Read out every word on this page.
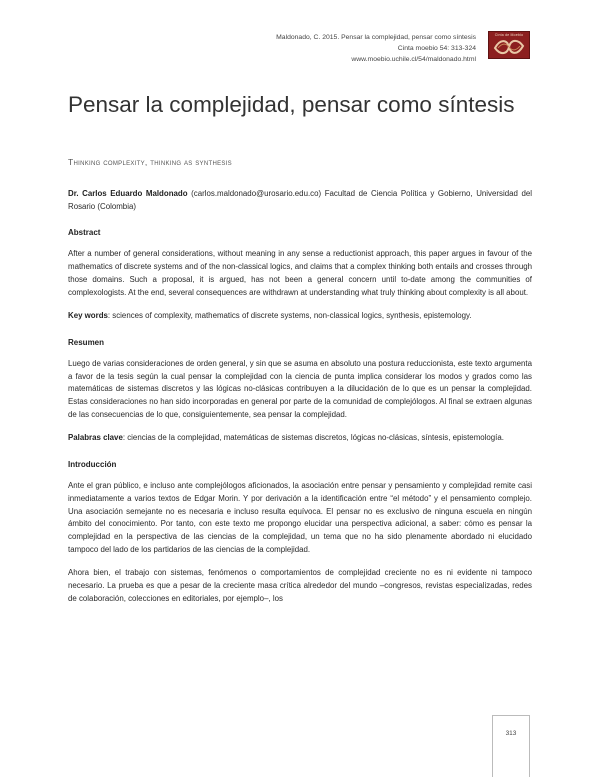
Maldonado, C. 2015. Pensar la complejidad, pensar como síntesis
Cinta moebio 54: 313-324
www.moebio.uchile.cl/54/maldonado.html
Cinta de Moebio
Pensar la complejidad, pensar como síntesis
Thinking complexity, thinking as synthesis

Dr. Carlos Eduardo Maldonado (carlos.maldonado@urosario.edu.co) Facultad de Ciencia Política y Gobierno, Universidad del Rosario (Colombia)

Abstract

After a number of general considerations, without meaning in any sense a reductionist approach, this paper argues in favour of the mathematics of discrete systems and of the non-classical logics, and claims that a complex thinking both entails and crosses through those domains. Such a proposal, it is argued, has not been a general concern until to-date among the communities of complexologists. At the end, several consequences are withdrawn at understanding what truly thinking about complexity is all about.

Key words: sciences of complexity, mathematics of discrete systems, non-classical logics, synthesis, epistemology.

Resumen

Luego de varias consideraciones de orden general, y sin que se asuma en absoluto una postura reduccionista, este texto argumenta a favor de la tesis según la cual pensar la complejidad con la ciencia de punta implica considerar los modos y grados como las matemáticas de sistemas discretos y las lógicas no-clásicas contribuyen a la dilucidación de lo que es un pensar la complejidad. Estas consideraciones no han sido incorporadas en general por parte de la comunidad de complejólogos. Al final se extraen algunas de las consecuencias de lo que, consiguientemente, sea pensar la complejidad.

Palabras clave: ciencias de la complejidad, matemáticas de sistemas discretos, lógicas no-clásicas, síntesis, epistemología.

Introducción

Ante el gran público, e incluso ante complejólogos aficionados, la asociación entre pensar y pensamiento y complejidad remite casi inmediatamente a varios textos de Edgar Morin. Y por derivación a la identificación entre “el método” y el pensamiento complejo. Una asociación semejante no es necesaria e incluso resulta equívoca. El pensar no es exclusivo de ninguna escuela en ningún ámbito del conocimiento. Por tanto, con este texto me propongo elucidar una perspectiva adicional, a saber: cómo es pensar la complejidad en la perspectiva de las ciencias de la complejidad, un tema que no ha sido plenamente abordado ni elucidado tampoco del lado de los partidarios de las ciencias de la complejidad.

Ahora bien, el trabajo con sistemas, fenómenos o comportamientos de complejidad creciente no es ni evidente ni tampoco necesario. La prueba es que a pesar de la creciente masa crítica alrededor del mundo –congresos, revistas especializadas, redes de colaboración, colecciones en editoriales, por ejemplo–, los

313
